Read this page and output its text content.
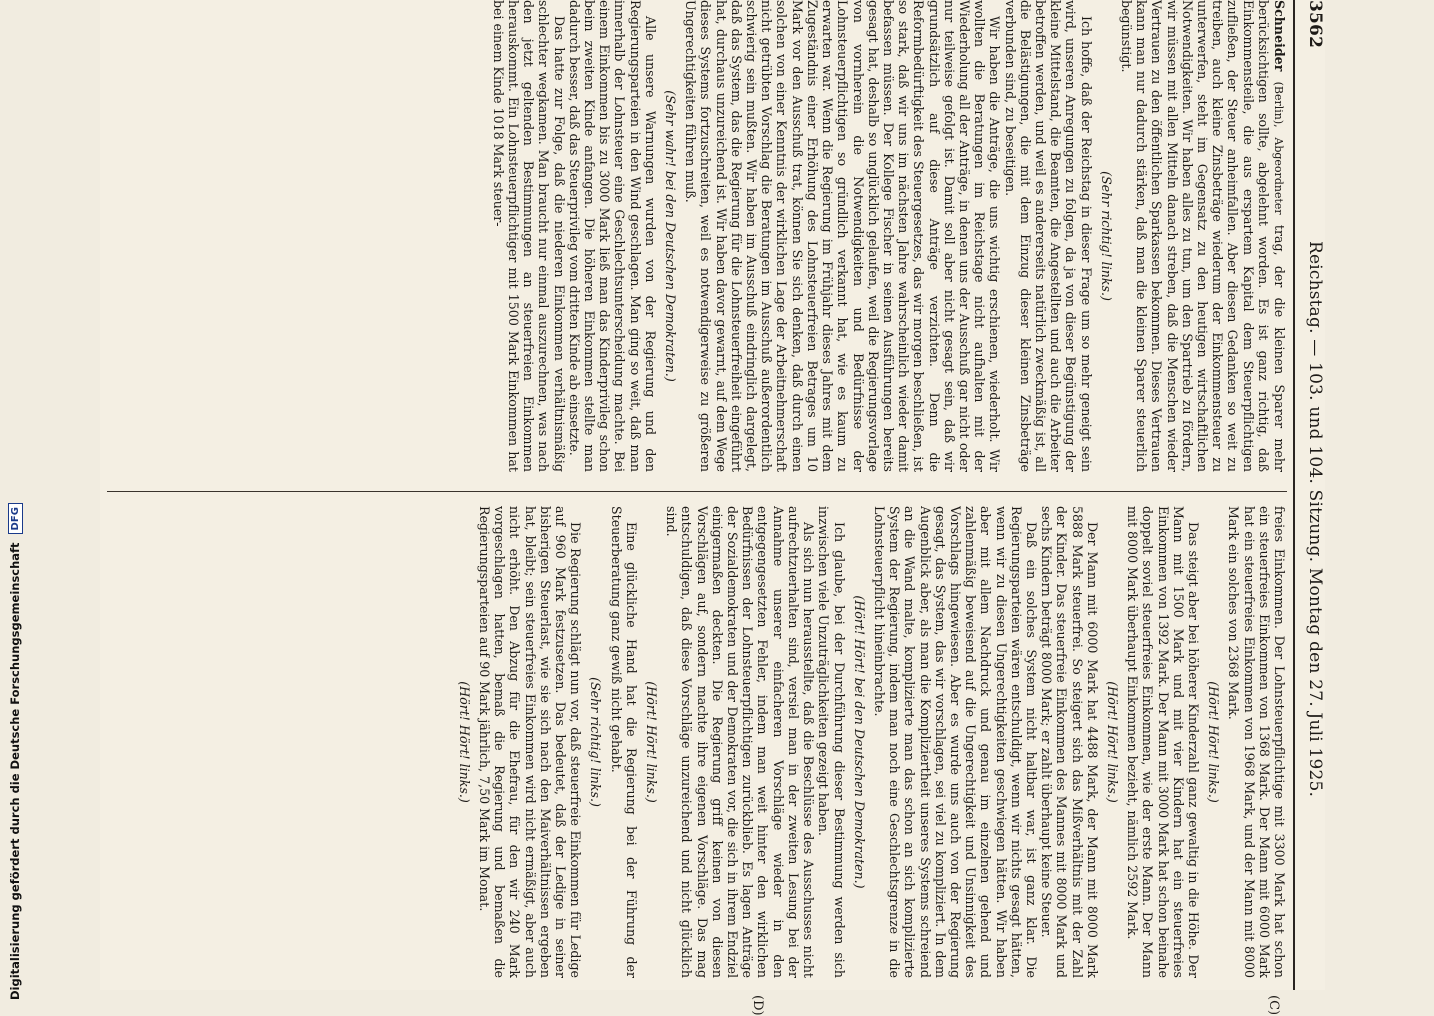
3562
Reichstag. — 103. und 104. Sitzung. Montag den 27. Juli 1925.
(C)
(D)

Schneider (Berlin), Abgeordneter trag, der die kleinen Sparer mehr berücksichtigen sollte, abgelehnt worden. Es ist ganz richtig, daß Einkommensteile, die aus erspartem Kapital dem Steuerpflichtigen zufließen, der Steuer anheimfallen. Aber diesen Gedanken so weit zu treiben, auch kleine Zinsbeträge wiederum der Einkommensteuer zu unterwerfen, steht im Gegensatz zu den heutigen wirtschaftlichen Notwendigkeiten. Wir haben alles zu tun, um den Spartrieb zu fördern, wir müssen mit allen Mitteln danach streben, daß die Menschen wieder Vertrauen zu den öffentlichen Sparkassen bekommen. Dieses Vertrauen kann man nur dadurch stärken, daß man die kleinen Sparer steuerlich begünstigt.

(Sehr richtig! links.)

Ich hoffe, daß der Reichstag in dieser Frage um so mehr geneigt sein wird, unseren Anregungen zu folgen, da ja von dieser Begünstigung der kleine Mittelstand, die Beamten, die Angestellten und auch die Arbeiter betroffen werden, und weil es andererseits natürlich zweckmäßig ist, all die Belästigungen, die mit dem Einzug dieser kleinen Zinsbeträge verbunden sind, zu beseitigen.

Wir haben die Anträge, die uns wichtig erschienen, wiederholt. Wir wollten die Beratungen im Reichstage nicht aufhalten mit der Wiederholung all der Anträge, in denen uns der Ausschuß gar nicht oder nur teilweise gefolgt ist. Damit soll aber nicht gesagt sein, daß wir grundsätzlich auf diese Anträge verzichten. Denn die Reformbedürftigkeit des Steuergesetzes, das wir morgen beschließen, ist so stark, daß wir uns im nächsten Jahre wahrscheinlich wieder damit befassen müssen. Der Kollege Fischer in seinen Ausführungen bereits gesagt hat, deshalb so unglücklich gelaufen, weil die Regierungsvorlage von vornherein die Notwendigkeiten und Bedürfnisse der Lohnsteuerpflichtigen so gründlich verkannt hat, wie es kaum zu erwarten war. Wenn die Regierung im Frühjahr dieses Jahres mit dem Zugeständnis einer Erhöhung des Lohnsteuerfreien Betrages um 10 Mark vor den Ausschuß trat, können Sie sich denken, daß durch einen solchen von einer Kenntnis der wirklichen Lage der Arbeitnehmerschaft nicht getrübten Vorschlag die Beratungen im Ausschuß außerordentlich schwierig sein mußten. Wir haben im Ausschuß eindringlich dargelegt, daß das System, das die Regierung für die Lohnsteuerfreiheit eingeführt hat, durchaus unzureichend ist. Wir haben davor gewarnt, auf dem Wege dieses Systems fortzuschreiten, weil es notwendigerweise zu größeren Ungerechtigkeiten führen muß.

(Sehr wahr! bei den Deutschen Demokraten.)

Alle unsere Warnungen wurden von der Regierung und den Regierungsparteien in den Wind geschlagen. Man ging so weit, daß man innerhalb der Lohnsteuer eine Geschlechtsunterscheidung machte. Bei einem Einkommen bis zu 3000 Mark ließ man das Kinderprivileg schon beim zweiten Kinde anfangen. Die höheren Einkommen stellte man dadurch besser, daß das Steuerprivileg vom dritten Kinde ab einsetzte.

Das hatte zur Folge, daß die niederen Einkommen verhältnismäßig schlechter wegkamen. Man braucht nur einmal auszurechnen, was nach den jetzt geltenden Bestimmungen an steuerfreien Einkommen herauskommt. Ein Lohnsteuerpflichtiger mit 1500 Mark Einkommen hat bei einem Kinde 1018 Mark steuer-

freies Einkommen. Der Lohnsteuerpflichtige mit 3300 Mark hat schon ein steuerfreies Einkommen von 1368 Mark. Der Mann mit 6000 Mark hat ein steuerfreies Einkommen von 1968 Mark, und der Mann mit 8000 Mark ein solches von 2368 Mark.

(Hört! Hört! links.)

Das steigt aber bei höherer Kinderzahl ganz gewaltig in die Höhe. Der Mann mit 1500 Mark und mit vier Kindern hat ein steuerfreies Einkommen von 1392 Mark. Der Mann mit 3000 Mark hat schon beinahe doppelt soviel steuerfreies Einkommen, wie der erste Mann. Der Mann mit 8000 Mark überhaupt Einkommen bezieht, nämlich 2592 Mark.

(Hört! Hört! links.)

Der Mann mit 6000 Mark hat 4488 Mark, der Mann mit 8000 Mark 5888 Mark steuerfrei. So steigert sich das Mißverhältnis mit der Zahl der Kinder. Das steuerfreie Einkommen des Mannes mit 8000 Mark und sechs Kindern beträgt 8000 Mark; er zahlt überhaupt keine Steuer.

Daß ein solches System nicht haltbar war, ist ganz klar. Die Regierungsparteien wären entschuldigt, wenn wir nichts gesagt hätten, wenn wir zu diesen Ungerechtigkeiten geschwiegen hätten. Wir haben aber mit allem Nachdruck und genau im einzelnen gehend und zahlenmäßig beweisend auf die Ungerechtigkeit und Unsinnigkeit des Vorschlags hingewiesen. Aber es wurde uns auch von der Regierung gesagt, das System, das wir vorschlagen, sei viel zu kompliziert. In dem Augenblick aber, als man die Kompliziertheit unseres Systems schreiend an die Wand malte, komplizierte man das schon an sich komplizierte System der Regierung, indem man noch eine Geschlechtsgrenze in die Lohnsteuerpflicht hineinbrachte.

(Hört! Hört! bei den Deutschen Demokraten.)

Ich glaube, bei der Durchführung dieser Bestimmung werden sich inzwischen viele Unzuträglichkeiten gezeigt haben.

Als sich nun herausstellte, daß die Beschlüsse des Ausschusses nicht aufrechtzuerhalten sind, versiel man in der zweiten Lesung bei der Annahme unserer einfacheren Vorschläge wieder in den entgegengesetzten Fehler, indem man weit hinter den wirklichen Bedürfnissen der Lohnsteuerpflichtigen zurückblieb. Es lagen Anträge der Sozialdemokraten und der Demokraten vor, die sich in ihrem Endziel einigermaßen deckten. Die Regierung griff keinen von diesen Vorschlägen auf, sondern machte ihre eigenen Vorschläge. Das mag entschuldigen, daß diese Vorschläge unzureichend und nicht glücklich sind.

(Hört! Hört! links.)

Eine glückliche Hand hat die Regierung bei der Führung der Steuerberatung ganz gewiß nicht gehabt.

(Sehr richtig! links.)

Die Regierung schlägt nun vor, daß steuerfreie Einkommen für Ledige auf 960 Mark festzusetzen. Das bedeutet, daß der Ledige in seiner bisherigen Steuerlast, wie sie sich nach den Maiverhältnissen ergeben hat, bleibt; sein steuerfreies Einkommen wird nicht ermäßigt, aber auch nicht erhöht. Den Abzug für die Ehefrau, für den wir 240 Mark vorgeschlagen hatten, bemaß die Regierung und bemaßen die Regierungsparteien auf 90 Mark jährlich, 7,50 Mark im Monat.

(Hört! Hört! links.)

Digitalisierung gefördert durch die Deutsche Forschungsgemeinschaft
DFG
